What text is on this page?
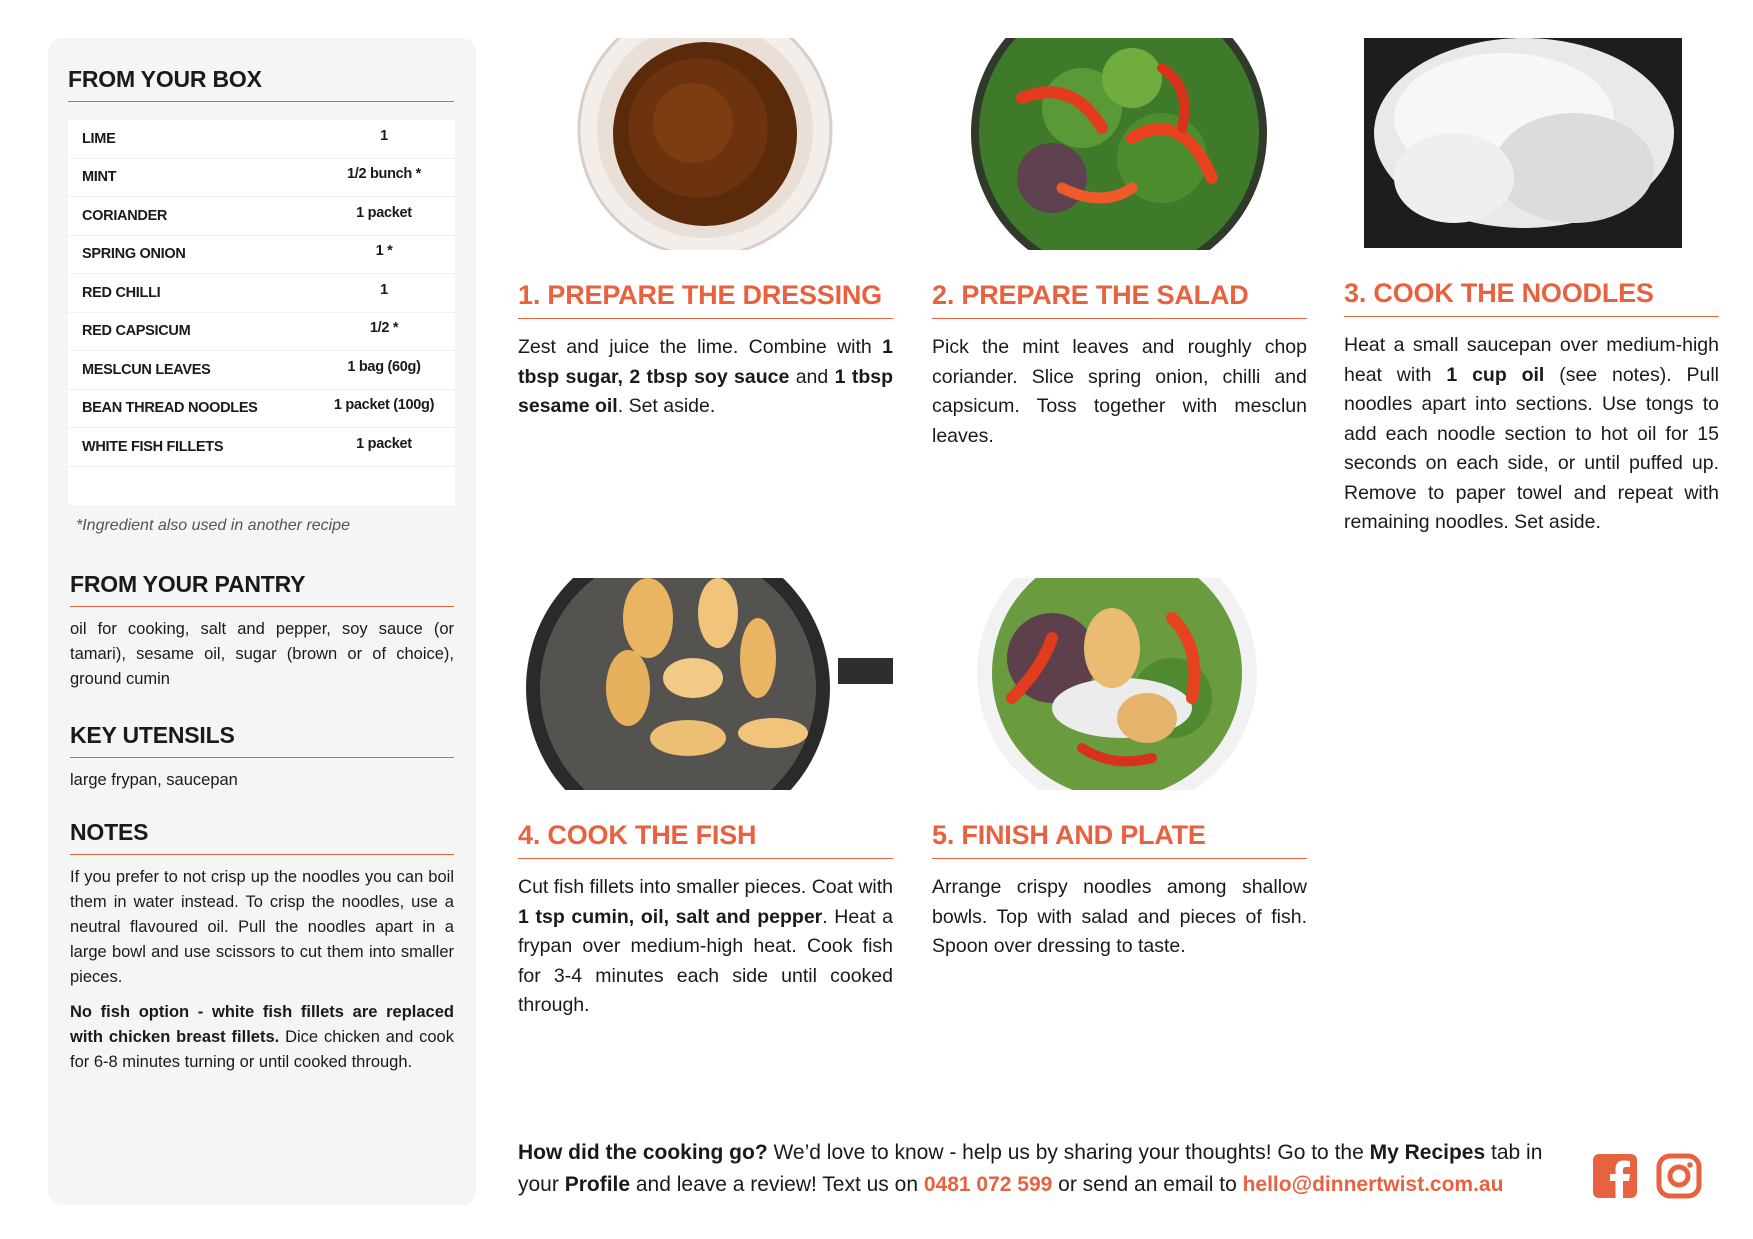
FROM YOUR BOX
LIME	1
MINT	1/2 bunch *
CORIANDER	1 packet
SPRING ONION	1 *
RED CHILLI	1
RED CAPSICUM	1/2 *
MESLCUN LEAVES	1 bag (60g)
BEAN THREAD NOODLES	1 packet (100g)
WHITE FISH FILLETS	1 packet
*Ingredient also used in another recipe
FROM YOUR PANTRY
oil for cooking, salt and pepper, soy sauce (or tamari), sesame oil, sugar (brown or of choice), ground cumin
KEY UTENSILS
large frypan, saucepan
NOTES
If you prefer to not crisp up the noodles you can boil them in water instead. To crisp the noodles, use a neutral flavoured oil. Pull the noodles apart in a large bowl and use scissors to cut them into smaller pieces.
No fish option - white fish fillets are replaced with chicken breast fillets. Dice chicken and cook for 6-8 minutes turning or until cooked through.
1. PREPARE THE DRESSING
Zest and juice the lime. Combine with 1 tbsp sugar, 2 tbsp soy sauce and 1 tbsp sesame oil. Set aside.
2. PREPARE THE SALAD
Pick the mint leaves and roughly chop coriander. Slice spring onion, chilli and capsicum. Toss together with mesclun leaves.
3. COOK THE NOODLES
Heat a small saucepan over medium-high heat with 1 cup oil (see notes). Pull noodles apart into sections. Use tongs to add each noodle section to hot oil for 15 seconds on each side, or until puffed up. Remove to paper towel and repeat with remaining noodles. Set aside.
4. COOK THE FISH
Cut fish fillets into smaller pieces. Coat with 1 tsp cumin, oil, salt and pepper. Heat a frypan over medium-high heat. Cook fish for 3-4 minutes each side until cooked through.
5. FINISH AND PLATE
Arrange crispy noodles among shallow bowls. Top with salad and pieces of fish. Spoon over dressing to taste.
How did the cooking go? We’d love to know - help us by sharing your thoughts! Go to the My Recipes tab in your Profile and leave a review! Text us on 0481 072 599 or send an email to hello@dinnertwist.com.au
